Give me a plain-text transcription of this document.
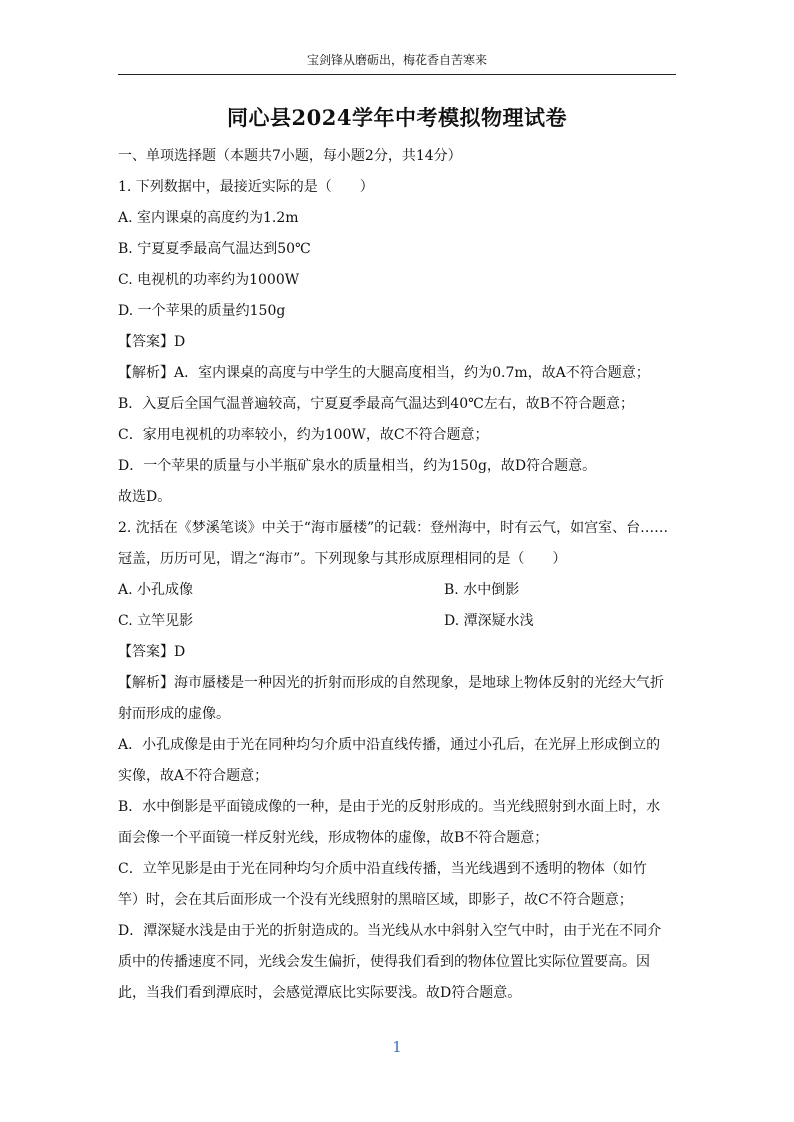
宝剑锋从磨砺出，梅花香自苦寒来
同心县2024学年中考模拟物理试卷
一、单项选择题（本题共7小题，每小题2分，共14分）
1. 下列数据中，最接近实际的是（　　）
A. 室内课桌的高度约为1.2m
B. 宁夏夏季最高气温达到50℃
C. 电视机的功率约为1000W
D. 一个苹果的质量约150g
【答案】D
【解析】A．室内课桌的高度与中学生的大腿高度相当，约为0.7m，故A不符合题意；
B．入夏后全国气温普遍较高，宁夏夏季最高气温达到40℃左右，故B不符合题意；
C．家用电视机的功率较小，约为100W，故C不符合题意；
D．一个苹果的质量与小半瓶矿泉水的质量相当，约为150g，故D符合题意。
故选D。
2. 沈括在《梦溪笔谈》中关于“海市蜃楼”的记载：登州海中，时有云气，如宫室、台……
冠盖，历历可见，谓之“海市”。下列现象与其形成原理相同的是（　　）
A. 小孔成像	B. 水中倒影
C. 立竿见影	D. 潭深疑水浅
【答案】D
【解析】海市蜃楼是一种因光的折射而形成的自然现象，是地球上物体反射的光经大气折
射而形成的虚像。
A．小孔成像是由于光在同种均匀介质中沿直线传播，通过小孔后，在光屏上形成倒立的
实像，故A不符合题意；
B．水中倒影是平面镜成像的一种，是由于光的反射形成的。当光线照射到水面上时，水
面会像一个平面镜一样反射光线，形成物体的虚像，故B不符合题意；
C．立竿见影是由于光在同种均匀介质中沿直线传播，当光线遇到不透明的物体（如竹
竿）时，会在其后面形成一个没有光线照射的黑暗区域，即影子，故C不符合题意；
D．潭深疑水浅是由于光的折射造成的。当光线从水中斜射入空气中时，由于光在不同介
质中的传播速度不同，光线会发生偏折，使得我们看到的物体位置比实际位置要高。因
此，当我们看到潭底时，会感觉潭底比实际要浅。故D符合题意。
1
